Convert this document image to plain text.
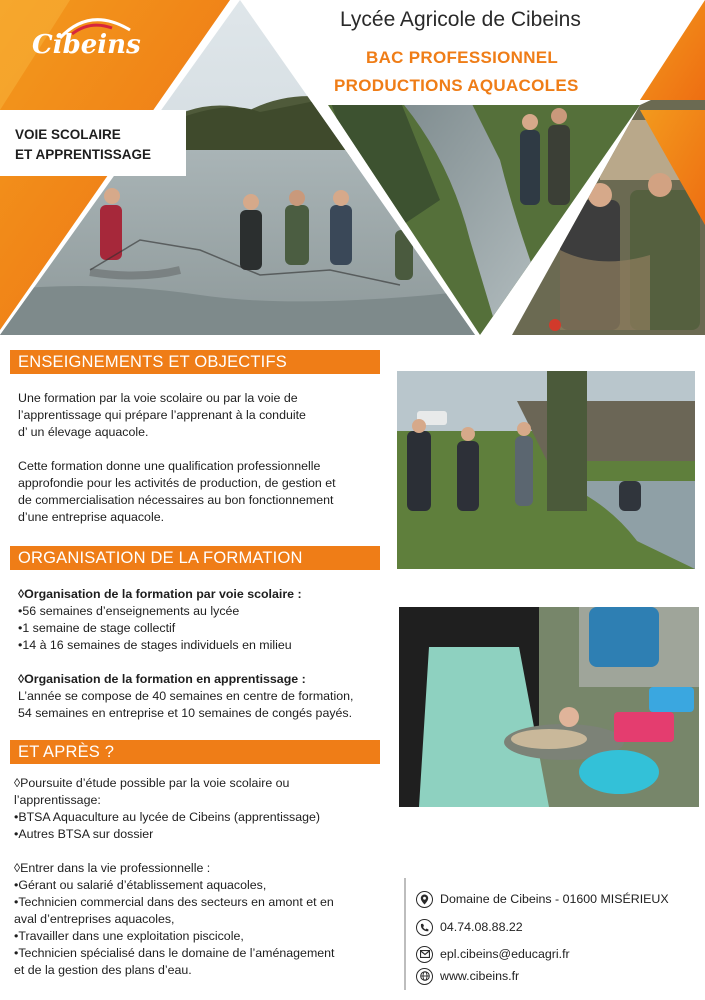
Cibeins
Lycée Agricole de Cibeins
BAC PROFESSIONNEL
PRODUCTIONS AQUACOLES
VOIE SCOLAIRE
ET APPRENTISSAGE
ENSEIGNEMENTS ET OBJECTIFS

Une formation par la voie scolaire ou par la voie de

l’apprentissage qui prépare l’apprenant à la conduite

d’ un élevage aquacole.

Cette formation donne une qualification professionnelle

approfondie pour les activités de production, de gestion et

de commercialisation nécessaires au bon fonctionnement

d’une entreprise aquacole.

ORGANISATION DE LA FORMATION

◊Organisation de la formation par voie scolaire :

•56 semaines d’enseignements au lycée

•1 semaine de stage collectif

•14 à 16 semaines de stages individuels en milieu

◊Organisation de la formation en apprentissage :

L’année se compose de 40 semaines en centre de formation,

54 semaines en entreprise et 10 semaines de congés payés.

ET APRÈS ?

◊Poursuite d’étude possible par la voie scolaire ou

l’apprentissage:

•BTSA Aquaculture au lycée de Cibeins (apprentissage)

•Autres BTSA sur dossier

◊Entrer dans la vie professionnelle :

•Gérant ou salarié d’établissement aquacoles,

•Technicien commercial dans des secteurs en amont et en

aval d’entreprises aquacoles,

•Travailler dans une exploitation piscicole,

•Technicien spécialisé dans le domaine de l’aménagement

et de la gestion des plans d’eau.

Domaine de Cibeins - 01600 MISÉRIEUX
04.74.08.88.22
epl.cibeins@educagri.fr
www.cibeins.fr
